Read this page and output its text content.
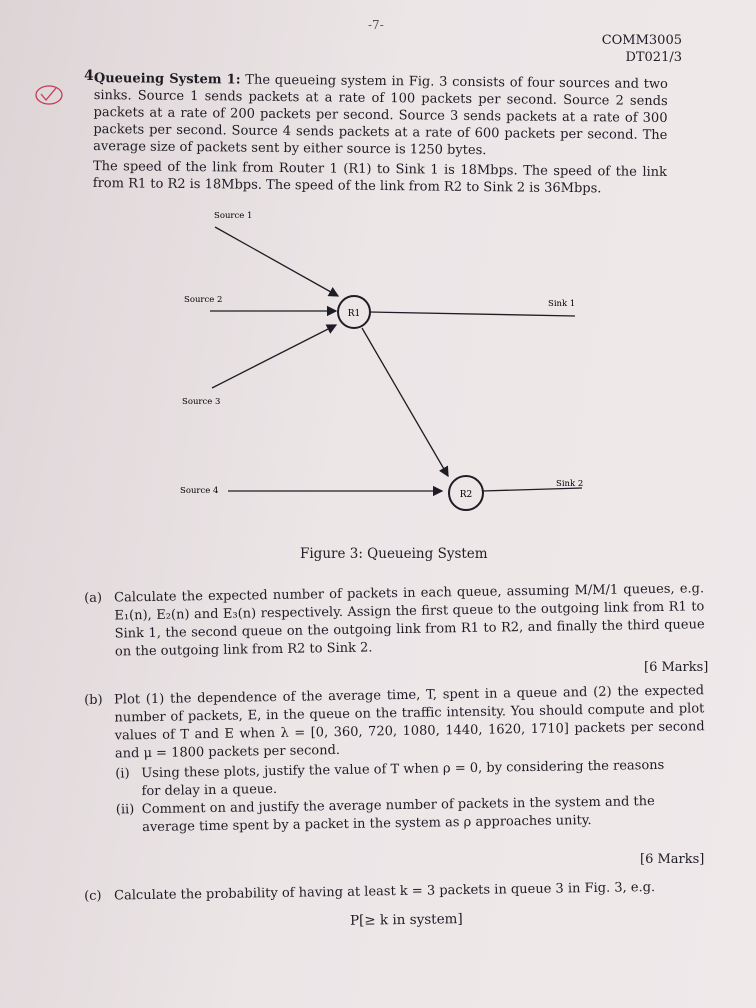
-7-
COMM3005
DT021/3
4.

Queueing System 1: The queueing system in Fig. 3 consists of four sources and two sinks. Source 1 sends packets at a rate of 100 packets per second. Source 2 sends packets at a rate of 200 packets per second. Source 3 sends packets at a rate of 300 packets per second. Source 4 sends packets at a rate of 600 packets per second. The average size of packets sent by either source is 1250 bytes.

The speed of the link from Router 1 (R1) to Sink 1 is 18Mbps. The speed of the link from R1 to R2 is 18Mbps. The speed of the link from R2 to Sink 2 is 36Mbps.

R1
R2
Source 1
Source 2
Source 3
Source 4
Sink 1
Sink 2
Figure 3: Queueing System
(a) Calculate the expected number of packets in each queue, assuming M/M/1 queues, e.g. E₁(n), E₂(n) and E₃(n) respectively. Assign the first queue to the outgoing link from R1 to Sink 1, the second queue on the outgoing link from R1 to R2, and finally the third queue on the outgoing link from R2 to Sink 2.
[6 Marks]
(b) Plot (1) the dependence of the average time, T, spent in a queue and (2) the expected number of packets, E, in the queue on the traffic intensity. You should compute and plot values of T and E when λ = [0, 360, 720, 1080, 1440, 1620, 1710] packets per second and μ = 1800 packets per second.
(i) Using these plots, justify the value of T when ρ = 0, by considering the reasons for delay in a queue.
(ii) Comment on and justify the average number of packets in the system and the average time spent by a packet in the system as ρ approaches unity.
[6 Marks]
(c) Calculate the probability of having at least k = 3 packets in queue 3 in Fig. 3, e.g.
P[≥ k in system]
